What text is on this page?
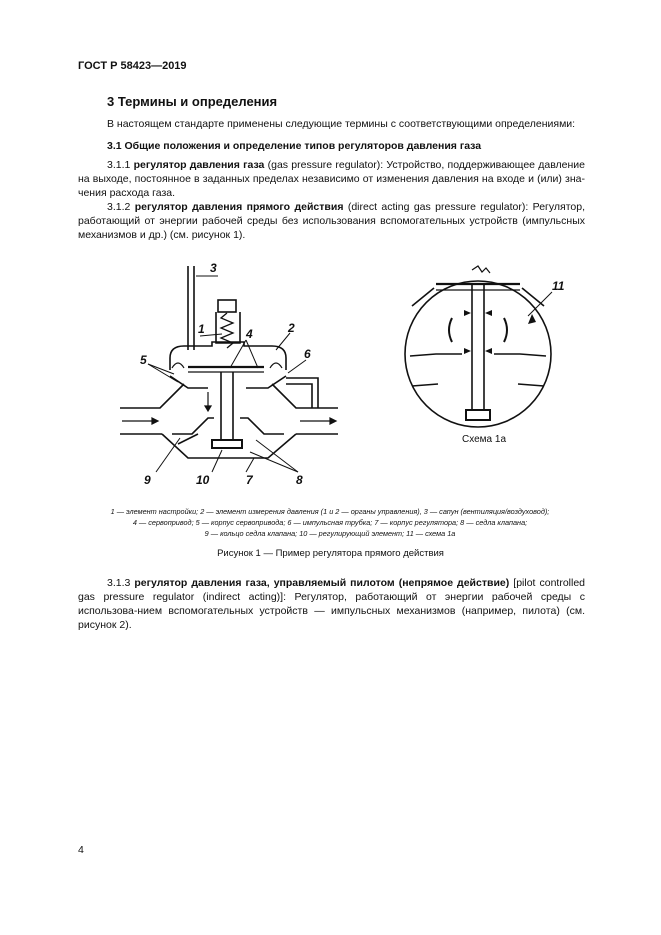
ГОСТ Р 58423—2019
3 Термины и определения
В настоящем стандарте применены следующие термины с соответствующими определениями:
3.1 Общие положения и определение типов регуляторов давления газа
3.1.1 регулятор давления газа (gas pressure regulator): Устройство, поддерживающее давление на выходе, постоянное в заданных пределах независимо от изменения давления на входе и (или) зна-чения расхода газа.
3.1.2 регулятор давления прямого действия (direct acting gas pressure regulator): Регулятор, работающий от энергии рабочей среды без использования вспомогательных устройств (импульсных механизмов и др.) (см. рисунок 1).
3
1	4	2
5	6
9	10	7	8
11
Схема 1а
1 — элемент настройки; 2 — элемент измерения давления (1 и 2 — органы управления), 3 — сапун (вентиляция/воздуховод);
4 — сервопривод; 5 — корпус сервопривода; 6 — импульсная трубка; 7 — корпус регулятора; 8 — седла клапана;
9 — кольцо седла клапана; 10 — регулирующий элемент; 11 — схема 1а
Рисунок 1 — Пример регулятора прямого действия
3.1.3 регулятор давления газа, управляемый пилотом (непрямое действие) [pilot controlled gas pressure regulator (indirect acting)]: Регулятор, работающий от энергии рабочей среды с использова-нием вспомогательных устройств — импульсных механизмов (например, пилота) (см. рисунок 2).
4
